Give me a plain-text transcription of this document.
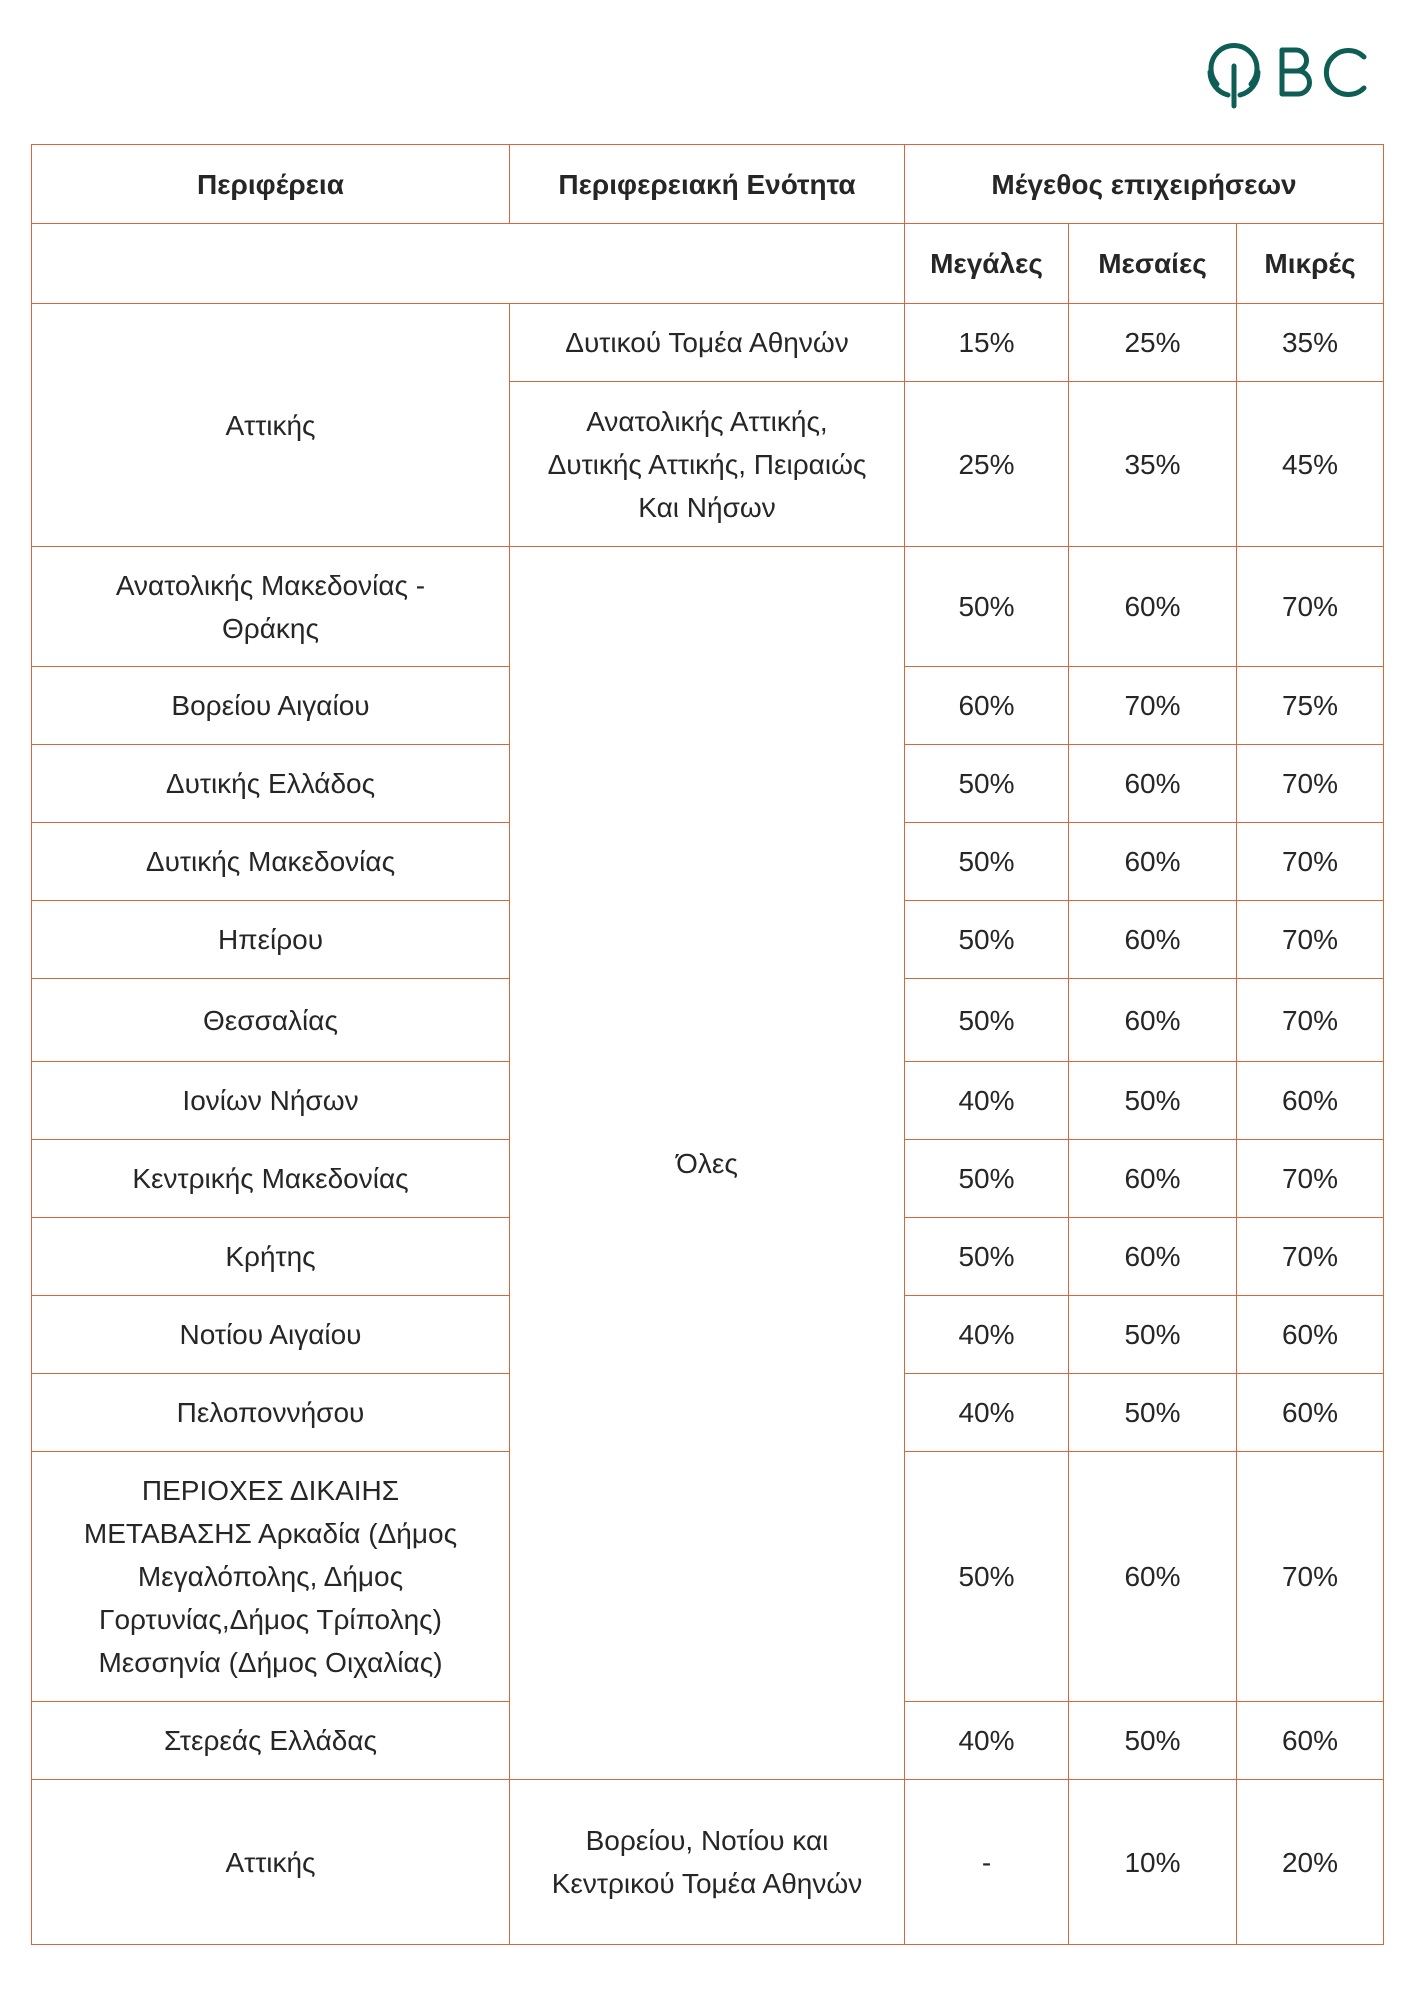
Περιφέρεια	Περιφερειακή Ενότητα	Μέγεθος επιχειρήσεων		
		Μεγάλες	Μεσαίες	Μικρές
Αττικής	Δυτικού Τομέα Αθηνών	15%	25%	35%
	Ανατολικής Αττικής, Δυτικής Αττικής, Πειραιώς Και Νήσων	25%	35%	45%
Ανατολικής Μακεδονίας - Θράκης	Όλες	50%	60%	70%
Βορείου Αιγαίου		60%	70%	75%
Δυτικής Ελλάδος		50%	60%	70%
Δυτικής Μακεδονίας		50%	60%	70%
Ηπείρου		50%	60%	70%
Θεσσαλίας		50%	60%	70%
Ιονίων Νήσων		40%	50%	60%
Κεντρικής Μακεδονίας		50%	60%	70%
Κρήτης		50%	60%	70%
Νοτίου Αιγαίου		40%	50%	60%
Πελοποννήσου		40%	50%	60%
ΠΕΡΙΟΧΕΣ ΔΙΚΑΙΗΣ ΜΕΤΑΒΑΣΗΣ Αρκαδία (Δήμος Μεγαλόπολης, Δήμος Γορτυνίας,Δήμος Τρίπολης) Μεσσηνία (Δήμος Οιχαλίας)		50%	60%	70%
Στερεάς Ελλάδας		40%	50%	60%
Αττικής	Βορείου, Νοτίου και Κεντρικού Τομέα Αθηνών	-	10%	20%
